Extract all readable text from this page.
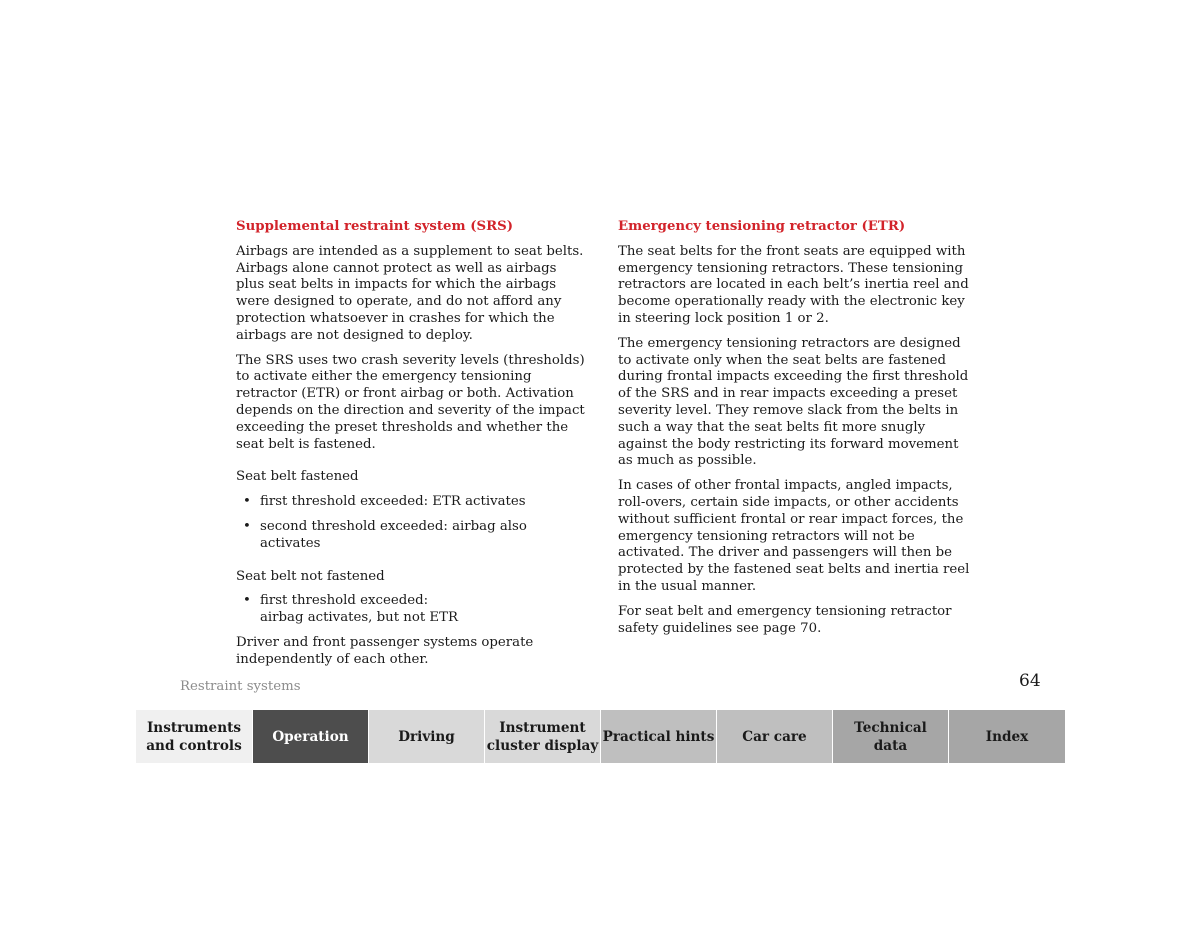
Supplemental restraint system (SRS)

Airbags are intended as a supplement to seat belts. Airbags alone cannot protect as well as airbags plus seat belts in impacts for which the airbags were designed to operate, and do not afford any protection whatsoever in crashes for which the airbags are not designed to deploy.

The SRS uses two crash severity levels (thresholds) to activate either the emergency tensioning retractor (ETR) or front airbag or both. Activation depends on the direction and severity of the impact exceeding the preset thresholds and whether the seat belt is fastened.

Seat belt fastened

• first threshold exceeded: ETR activates
• second threshold exceeded: airbag also activates

Seat belt not fastened

• first threshold exceeded:
airbag activates, but not ETR

Driver and front passenger systems operate independently of each other.

Emergency tensioning retractor (ETR)

The seat belts for the front seats are equipped with emergency tensioning retractors. These tensioning retractors are located in each belt’s inertia reel and become operationally ready with the electronic key in steering lock position 1 or 2.

The emergency tensioning retractors are designed to activate only when the seat belts are fastened during frontal impacts exceeding the first threshold of the SRS and in rear impacts exceeding a preset severity level. They remove slack from the belts in such a way that the seat belts fit more snugly against the body restricting its forward movement as much as possible.

In cases of other frontal impacts, angled impacts, roll-overs, certain side impacts, or other accidents without sufficient frontal or rear impact forces, the emergency tensioning retractors will not be activated. The driver and passengers will then be protected by the fastened seat belts and inertia reel in the usual manner.

For seat belt and emergency tensioning retractor safety guidelines see page 70.

Restraint systems	64
Instruments
and controls
Operation	Driving
Instrument
cluster display
Practical hints Car care
Technical
data
Index
